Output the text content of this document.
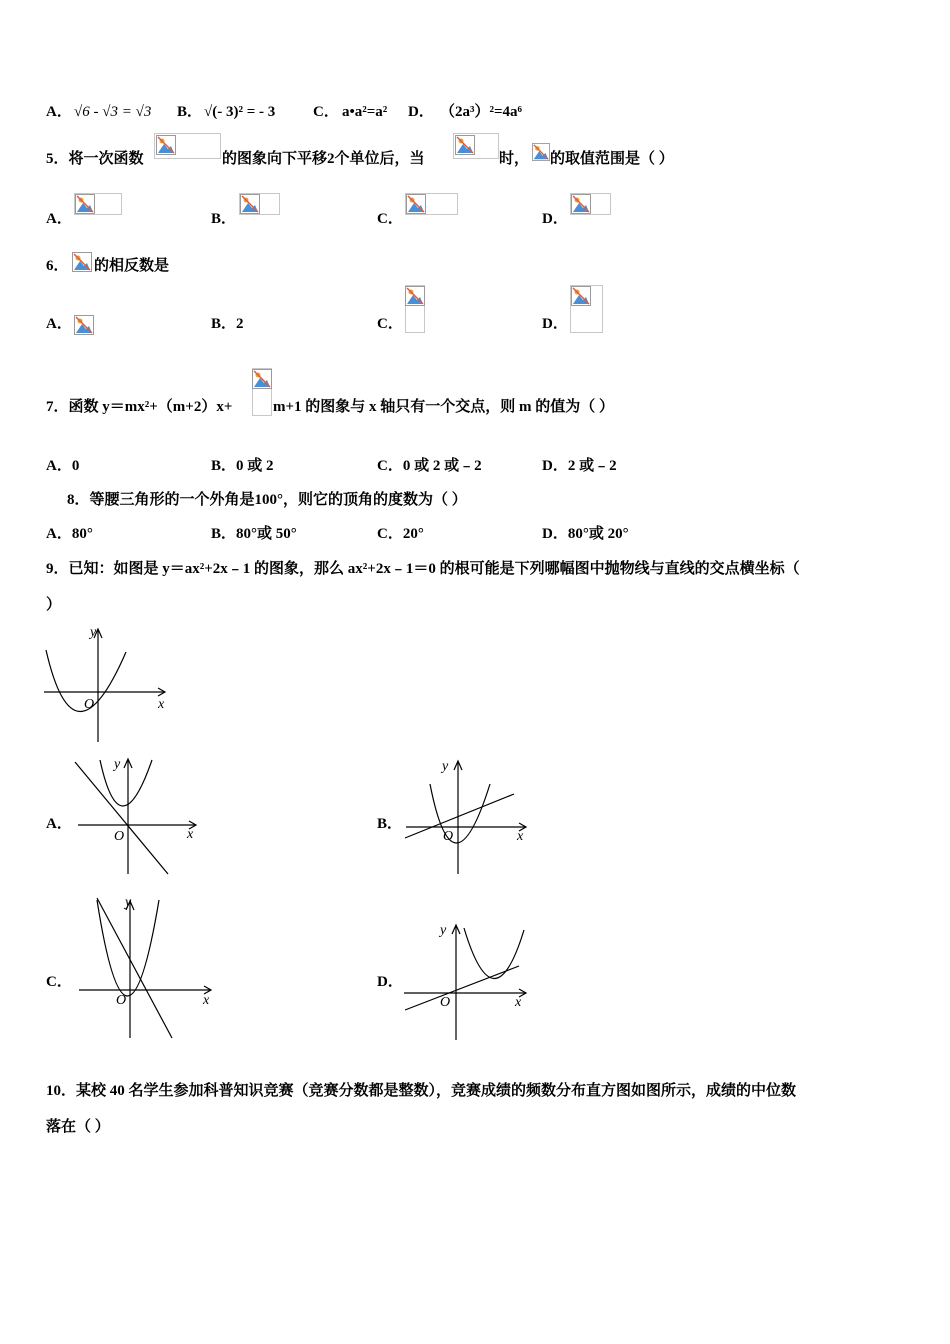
A． √6 - √3 = √3 B． √(- 3)² = - 3	C． a•a²=a² D． （2a³）²=4a⁶
5．将一次函数	的图象向下平移2个单位后，当	时， 的取值范围是（ ）
A．	B．	C．	D．
6． 的相反数是
A．	B．2	C．	D．
7．函数 y＝mx²+（m+2）x+	m+1 的图象与 x 轴只有一个交点，则 m 的值为（ ）
A．0	B．0 或 2	C．0 或 2 或﹣2	D．2 或﹣2
8．等腰三角形的一个外角是100°，则它的顶角的度数为（ ）
A．80°	B．80°或 50°	C．20°	D．80°或 20°
9．已知：如图是 y＝ax²+2x﹣1 的图象，那么 ax²+2x﹣1＝0 的根可能是下列哪幅图中抛物线与直线的交点横坐标（
）
y
x
O
A．
y
x
O
B．
y
x
O
C．
y
x
O
D．
y
x
O
10．某校 40 名学生参加科普知识竞赛（竞赛分数都是整数），竞赛成绩的频数分布直方图如图所示，成绩的中位数
落在（ ）
